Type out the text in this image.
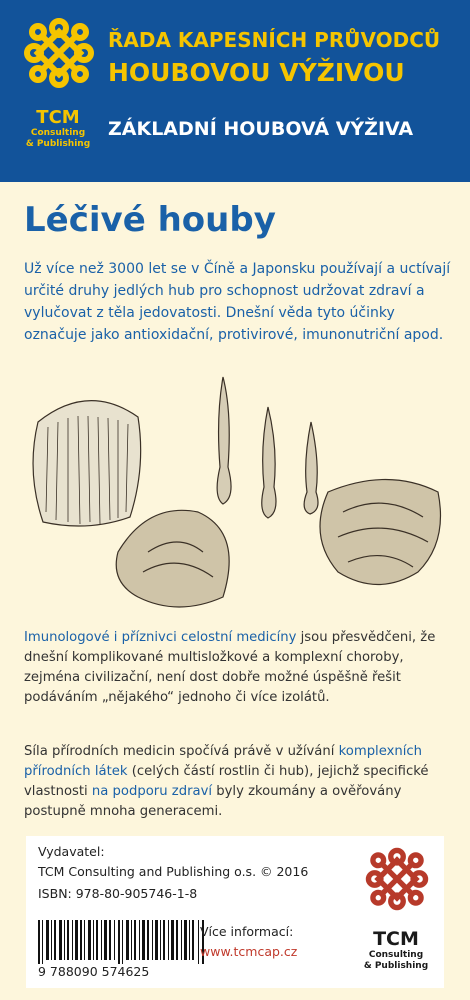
TCM
Consulting
& Publishing
ŘADA KAPESNÍCH PRŮVODCŮ
HOUBOVOU VÝŽIVOU
ZÁKLADNÍ HOUBOVÁ VÝŽIVA
Léčivé houby
Už více než 3000 let se v Číně a Japonsku používají a uctívají určité druhy jedlých hub pro schopnost udržovat zdraví a vylučovat z těla jedovatosti. Dnešní věda tyto účinky označuje jako antioxidační, protivirové, imunonutriční apod.
Imunologové i příznivci celostní medicíny jsou přesvědčeni, že dnešní komplikované multisložkové a komplexní choroby, zejména civilizační, není dost dobře možné úspěšně řešit podáváním „nějakého“ jednoho či více izolátů.
Síla přírodních medicin spočívá právě v užívání komplexních přírodních látek (celých částí rostlin či hub), jejichž specifické vlastnosti na podporu zdraví byly zkoumány a ověřovány postupně mnoha generacemi.
Vydavatel:
TCM Consulting and Publishing o.s. © 2016
ISBN: 978-80-905746-1-8
9 788090 574625
Více informací:
www.tcmcap.cz
TCM
Consulting
& Publishing
